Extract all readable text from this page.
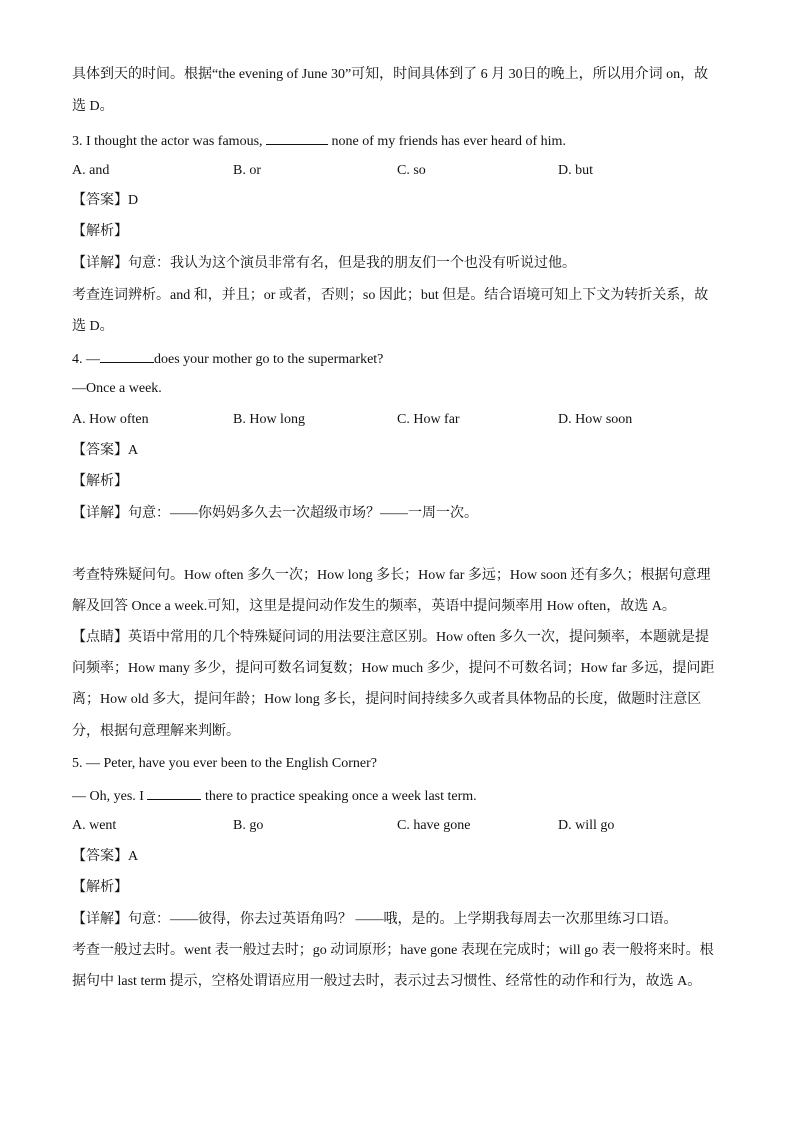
具体到天的时间。根据“the evening of June 30”可知，时间具体到了 6 月 30日的晚上，所以用介词 on，故
选 D。
3. I thought the actor was famous,	none of my friends has ever heard of him.
A. and	B. or	C. so	D. but
【答案】D
【解析】
【详解】句意：我认为这个演员非常有名，但是我的朋友们一个也没有听说过他。
考查连词辨析。and 和，并且；or 或者，否则；so 因此；but 但是。结合语境可知上下文为转折关系，故
选 D。
4. —	does your mother go to the supermarket?
—Once a week.
A. How often	B. How long	C. How far	D. How soon
【答案】A
【解析】
【详解】句意：——你妈妈多久去一次超级市场？——一周一次。
考查特殊疑问句。How often 多久一次；How long 多长；How far 多远；How soon 还有多久；根据句意理
解及回答 Once a week.可知，这里是提问动作发生的频率，英语中提问频率用 How often，故选 A。
【点睛】英语中常用的几个特殊疑问词的用法要注意区别。How often 多久一次，提问频率，本题就是提
问频率；How many 多少，提问可数名词复数；How much 多少，提问不可数名词；How far 多远，提问距
离；How old 多大，提问年龄；How long 多长，提问时间持续多久或者具体物品的长度，做题时注意区
分，根据句意理解来判断。
5. — Peter, have you ever been to the English Corner?
— Oh, yes. I	there to practice speaking once a week last term.
A. went	B. go	C. have gone	D. will go
【答案】A
【解析】
【详解】句意：——彼得，你去过英语角吗？ ——哦，是的。上学期我每周去一次那里练习口语。
考查一般过去时。went 表一般过去时；go 动词原形；have gone 表现在完成时；will go 表一般将来时。根
据句中 last term 提示，空格处谓语应用一般过去时，表示过去习惯性、经常性的动作和行为，故选 A。
